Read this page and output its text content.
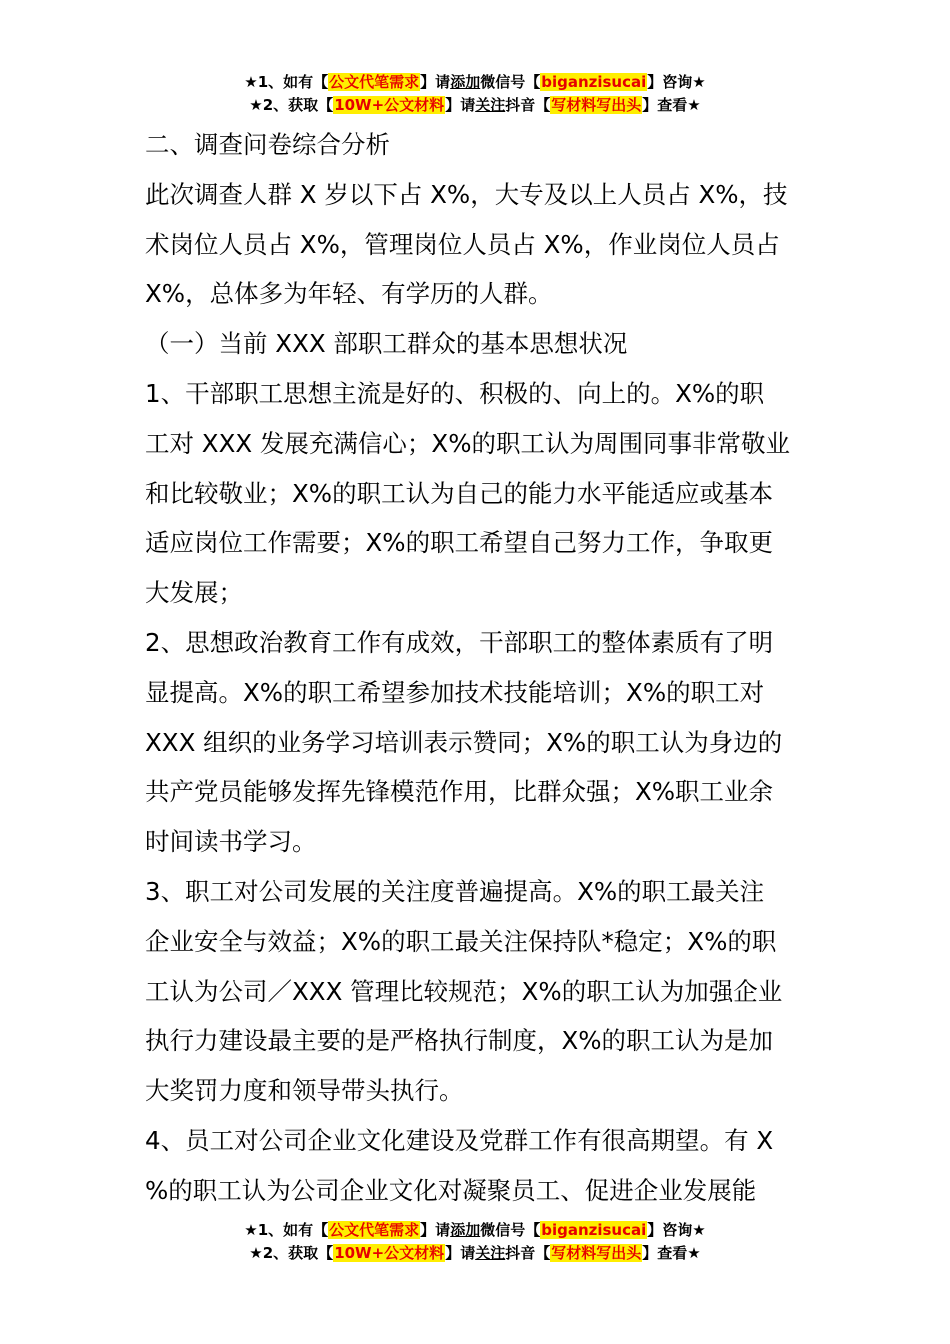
★1、如有【公文代笔需求】请添加微信号【biganzisucai】咨询★
★2、获取【10W+公文材料】请关注抖音【写材料写出头】查看★

二、调查问卷综合分析

此次调查人群 X 岁以下占 X%，大专及以上人员占 X%，技

术岗位人员占 X%，管理岗位人员占 X%，作业岗位人员占

X%，总体多为年轻、有学历的人群。

（一）当前 XXX 部职工群众的基本思想状况

1、干部职工思想主流是好的、积极的、向上的。X%的职

工对 XXX 发展充满信心；X%的职工认为周围同事非常敬业

和比较敬业；X%的职工认为自己的能力水平能适应或基本

适应岗位工作需要；X%的职工希望自己努力工作，争取更

大发展；

2、思想政治教育工作有成效，干部职工的整体素质有了明

显提高。X%的职工希望参加技术技能培训；X%的职工对

XXX 组织的业务学习培训表示赞同；X%的职工认为身边的

共产党员能够发挥先锋模范作用，比群众强；X%职工业余

时间读书学习。

3、职工对公司发展的关注度普遍提高。X%的职工最关注

企业安全与效益；X%的职工最关注保持队*稳定；X%的职

工认为公司／XXX 管理比较规范；X%的职工认为加强企业

执行力建设最主要的是严格执行制度，X%的职工认为是加

大奖罚力度和领导带头执行。

4、员工对公司企业文化建设及党群工作有很高期望。有 X

%的职工认为公司企业文化对凝聚员工、促进企业发展能

★1、如有【公文代笔需求】请添加微信号【biganzisucai】咨询★
★2、获取【10W+公文材料】请关注抖音【写材料写出头】查看★
